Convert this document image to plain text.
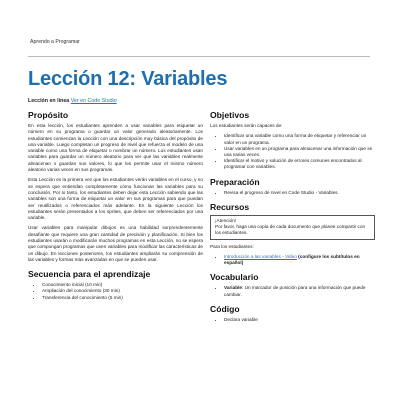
Aprendo a Programar
Lección 12: Variables
Lección en línea Ver en Code Studio
Propósito

En esta lección, los estudiantes aprenden a usar variables para etiquetar un número en su programa o guardar un valor generado aleatoriamente. Los estudiantes comienzan la Lección con una descripción muy básica del propósito de una variable. Luego completan un progreso de nivel que refuerza el modelo de una variable como una forma de etiquetar o nombrar un número. Los estudiantes usan variables para guardar un número aleatorio para ver que las variables realmente almacenan o guardan sus valores, lo que les permite usar el mismo número aleatorio varias veces en sus programas.

Esta Lección es la primera vez que los estudiantes verán variables en el curso, y no se espera que entiendan completamente cómo funcionan las variables para su conclusión. Por lo tanto, los estudiantes deben dejar esta Lección sabiendo que las variables son una forma de etiquetar un valor en sus programas para que puedan ser reutilizados o referenciados más adelante. En la siguiente Lección los estudiantes serán presentados a los sprites, que deben ser referenciados por una variable.

Usar variables para manipular dibujos es una habilidad sorprendentemente desafiante que requiere una gran cantidad de precisión y planificación. Si bien los estudiantes usarán o modificarán muchos programas en esta Lección, no se espera que compongan programas que usen variables para modificar las características de un dibujo. En lecciones posteriores, los estudiantes ampliarán su comprensión de las variables y formas más avanzadas en que se pueden usar.

Secuencia para el aprendizaje
• Conocimiento inicial (10 min)
• Ampliación del conocimiento (30 min)
• Transferencia del conocimiento (5 min)
Objetivos

Los estudiantes serán capaces de:

• Identificar una variable como una forma de etiquetar y referenciar un valor en un programa.
• Usar variables en un programa para almacenar una información que se usa varias veces.
• Identificar el motivo y solución de errores comunes encontrados al programar con variables.
Preparación
• Revisa el progreso de nivel en Code Studio - Variables.
Recursos

¡Atención!

Por favor, haga una copia de cada documento que planee compartir con los estudiantes.

Para los estudiantes:

• Introducción a las variables - Video (configure los subtítulos en español)
Vocabulario
• Variable: Un marcador de posición para una información que puede cambiar.
Código
• Declara variable
